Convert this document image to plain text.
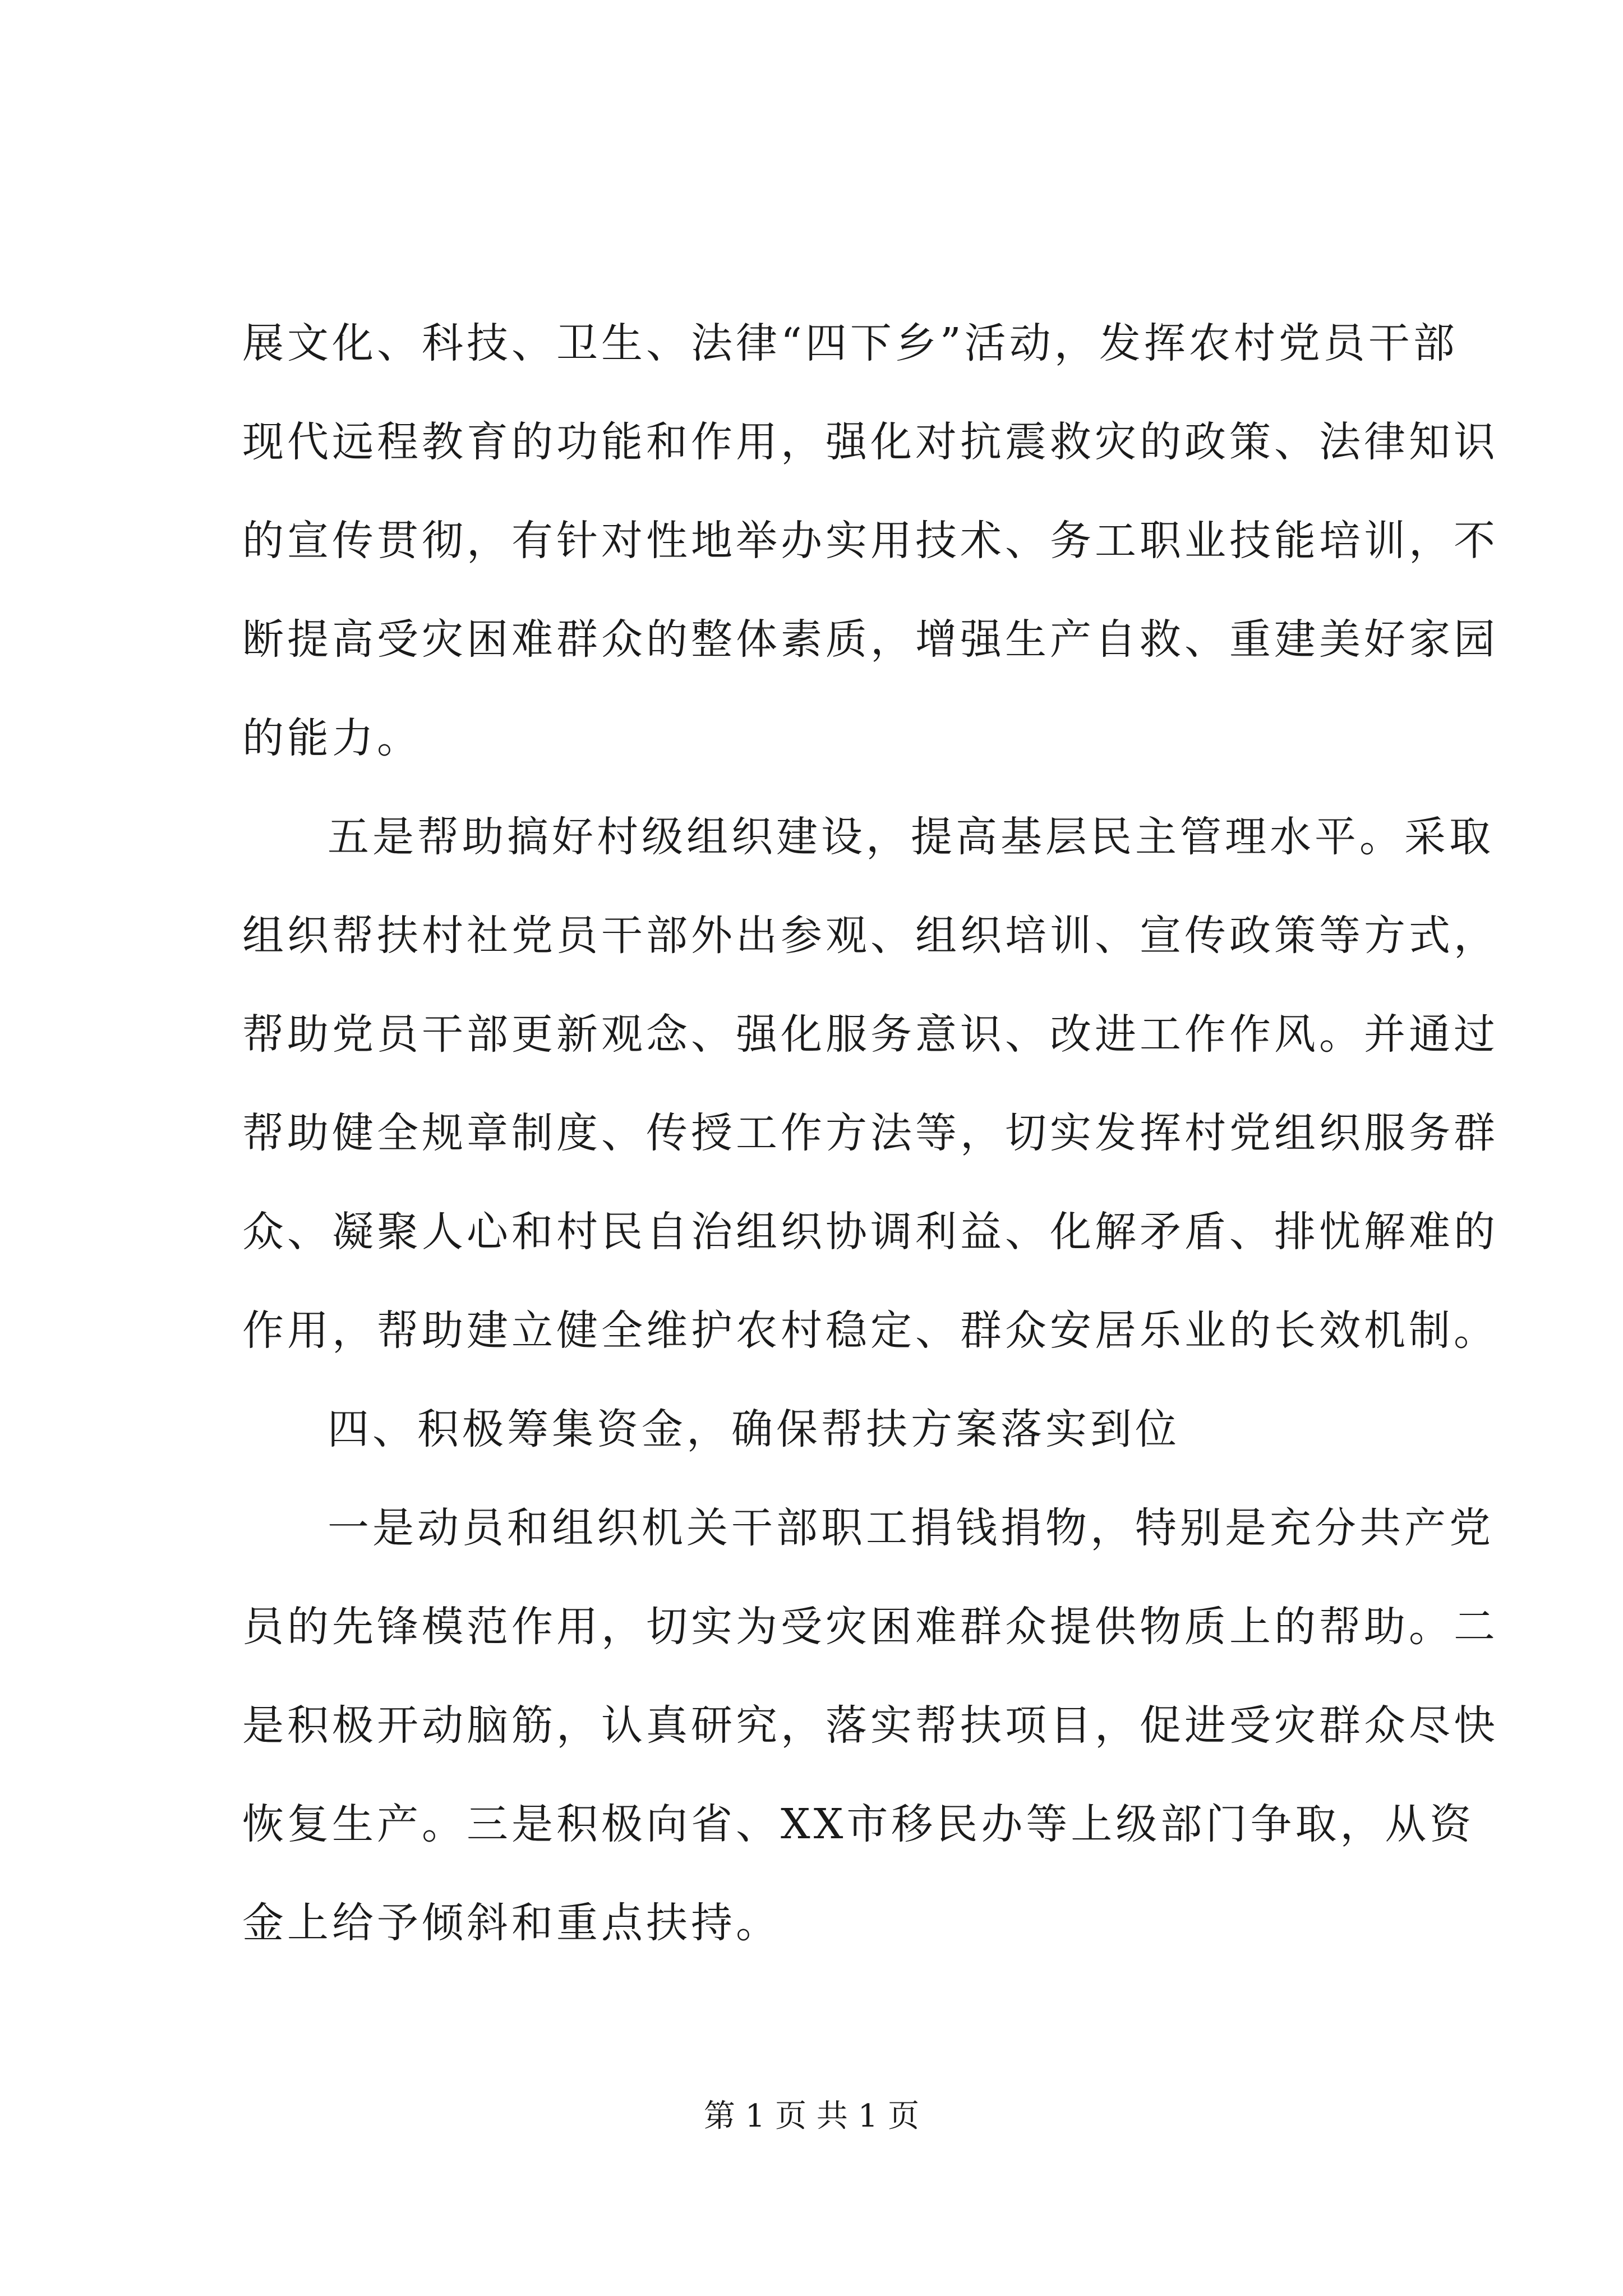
展 文 化 、 科 技 、 卫 生 、 法 律 “ 四 下 乡 ” 活 动 ， 发 挥 农 村 党 员 干 部
现 代 远 程 教 育 的 功 能 和 作 用 ， 强 化 对 抗 震 救 灾 的 政 策 、 法 律 知 识
的 宣 传 贯 彻 ， 有 针 对 性 地 举 办 实 用 技 术 、 务 工 职 业 技 能 培 训 ， 不
断 提 高 受 灾 困 难 群 众 的 整 体 素 质 ， 增 强 生 产 自 救 、 重 建 美 好 家 园
的能力。
五是帮助搞好村级组织建设，提高基层民主管理水平。采取
组 织 帮 扶 村 社 党 员 干 部 外 出 参 观 、 组 织 培 训 、 宣 传 政 策 等 方 式 ，
帮 助 党 员 干 部 更 新 观 念 、 强 化 服 务 意 识 、 改 进 工 作 作 风 。 并 通 过
帮 助 健 全 规 章 制 度 、 传 授 工 作 方 法 等 ， 切 实 发 挥 村 党 组 织 服 务 群
众 、 凝 聚 人 心 和 村 民 自 治 组 织 协 调 利 益 、 化 解 矛 盾 、 排 忧 解 难 的
作用，帮助建立健全维护农村稳定、群众安居乐业的长效机制。
四、积极筹集资金，确保帮扶方案落实到位
一是动员和组织机关干部职工捐钱捐物，特别是充分共产党
员 的 先 锋 模 范 作 用 ， 切 实 为 受 灾 困 难 群 众 提 供 物 质 上 的 帮 助 。 二
是 积 极 开 动 脑 筋 ， 认 真 研 究 ， 落 实 帮 扶 项 目 ， 促 进 受 灾 群 众 尽 快
恢 复 生 产 。 三 是 积 极 向 省 、 X X 市 移 民 办 等 上 级 部 门 争 取 ， 从 资
金上给予倾斜和重点扶持。
第 1 页 共 1 页
